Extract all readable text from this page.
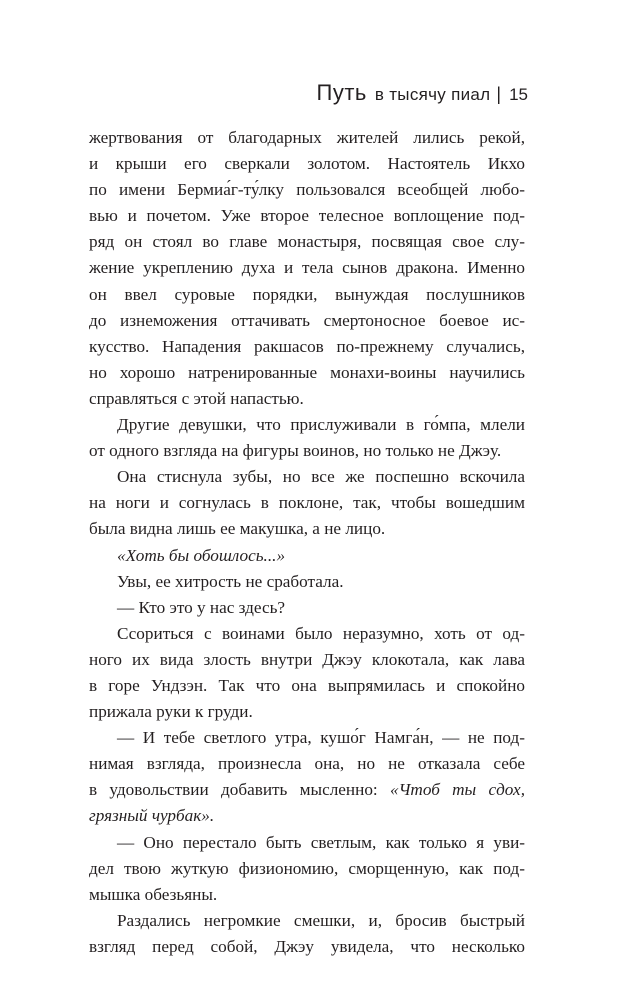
Путь в тысячу пиал | 15
жертвования от благодарных жителей лились рекой,
и крыши его сверкали золотом. Настоятель Икхо
по имени Бермиа́г-ту́лку пользовался всеобщей любо-
вью и почетом. Уже второе телесное воплощение под-
ряд он стоял во главе монастыря, посвящая свое слу-
жение укреплению духа и тела сынов дракона. Именно
он ввел суровые порядки, вынуждая послушников
до изнеможения оттачивать смертоносное боевое ис-
кусство. Нападения ракшасов по-прежнему случались,
но хорошо натренированные монахи-воины научились
справляться с этой напастью.
Другие девушки, что прислуживали в го́мпа, млели
от одного взгляда на фигуры воинов, но только не Джэу.
Она стиснула зубы, но все же поспешно вскочила
на ноги и согнулась в поклоне, так, чтобы вошедшим
была видна лишь ее макушка, а не лицо.
«Хоть бы обошлось...»
Увы, ее хитрость не сработала.
— Кто это у нас здесь?
Ссориться с воинами было неразумно, хоть от од-
ного их вида злость внутри Джэу клокотала, как лава
в горе Ундзэн. Так что она выпрямилась и спокойно
прижала руки к груди.
— И тебе светлого утра, кушо́г Намга́н, — не под-
нимая взгляда, произнесла она, но не отказала себе
в удовольствии добавить мысленно: «Чтоб ты сдох,
грязный чурбак».
— Оно перестало быть светлым, как только я уви-
дел твою жуткую физиономию, сморщенную, как под-
мышка обезьяны.
Раздались негромкие смешки, и, бросив быстрый
взгляд перед собой, Джэу увидела, что несколько
